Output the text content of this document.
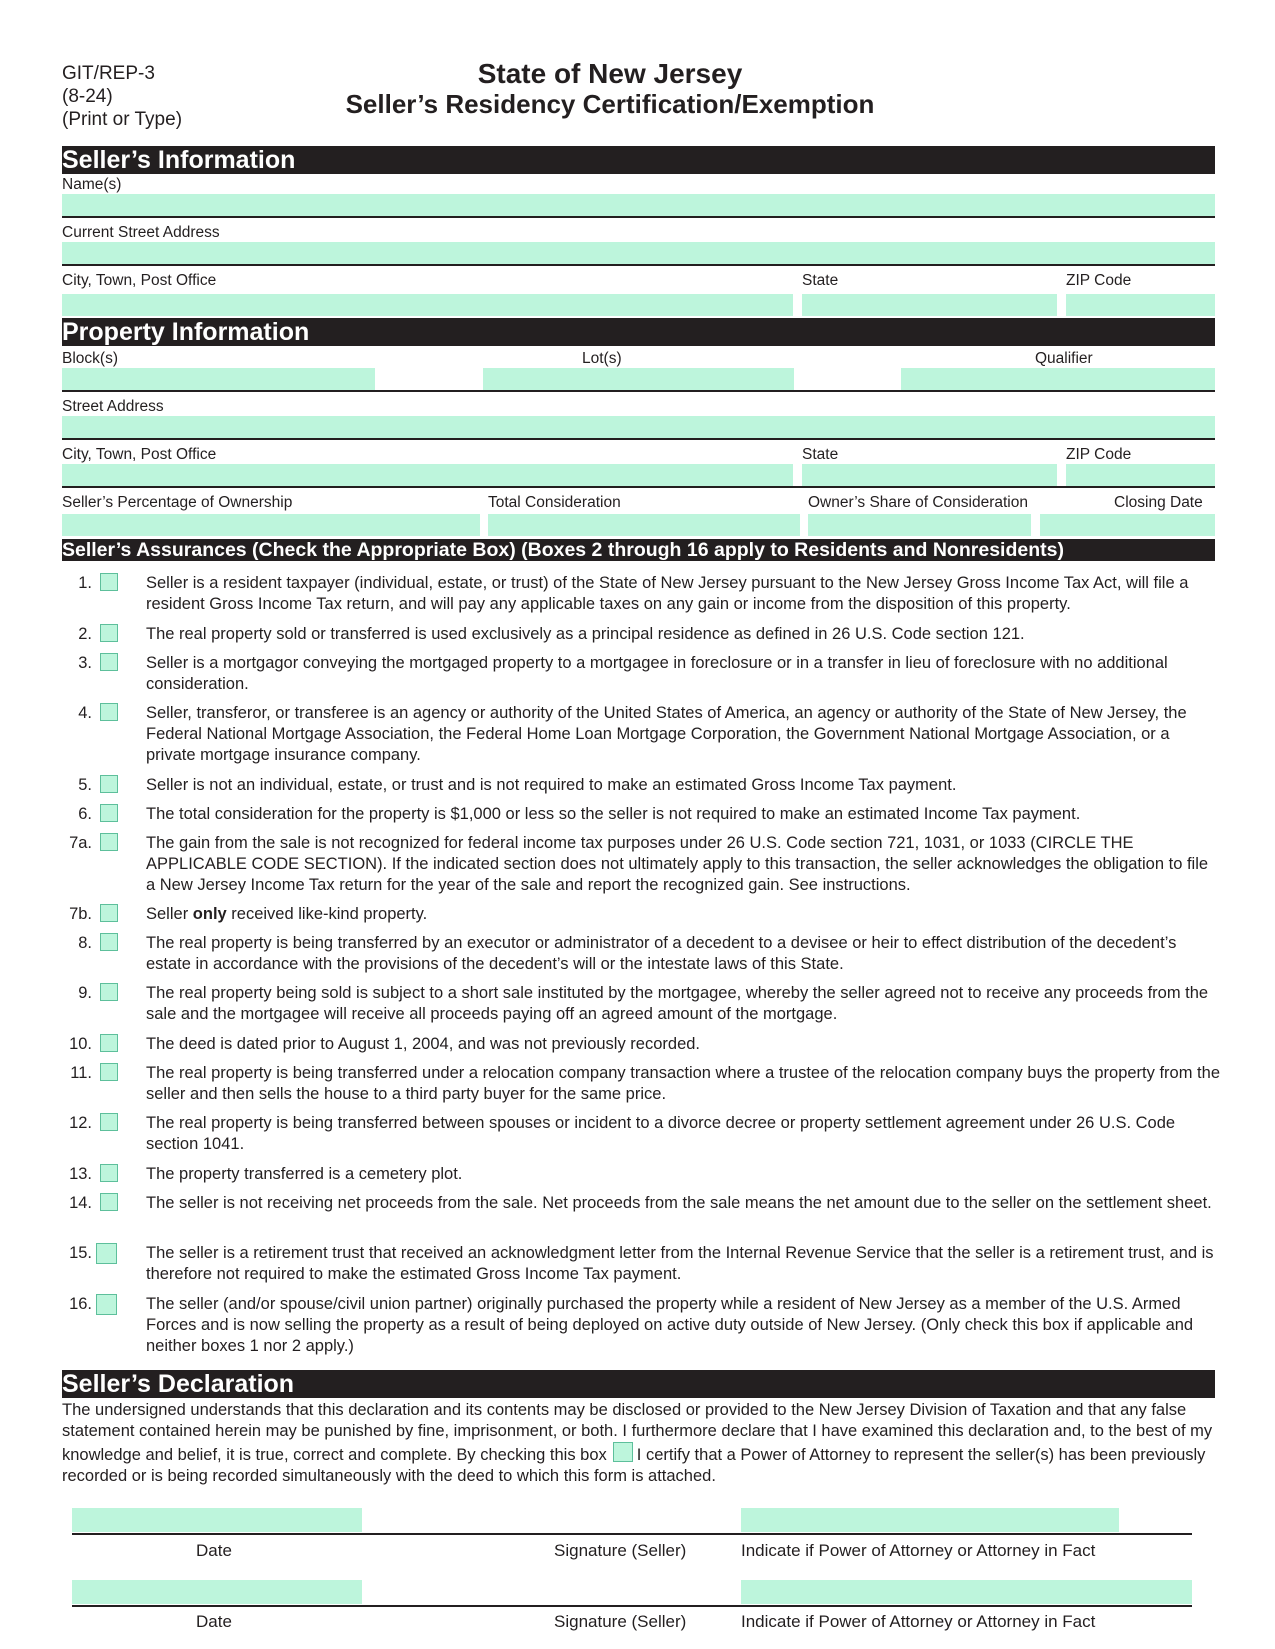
GIT/REP-3
(8-24)
(Print or Type)
State of New Jersey
Seller’s Residency Certification/Exemption
Seller’s Information
Name(s)
Current Street Address
City, Town, Post Office	State	ZIP Code
Property Information
Block(s)	Lot(s)	Qualifier
Street Address
City, Town, Post Office	State	ZIP Code
Seller’s Percentage of Ownership	Total Consideration	Owner’s Share of Consideration	Closing Date
Seller’s Assurances (Check the Appropriate Box) (Boxes 2 through 16 apply to Residents and Nonresidents)
1.	Seller is a resident taxpayer (individual, estate, or trust) of the State of New Jersey pursuant to the New Jersey Gross Income Tax Act, will file a resident Gross Income Tax return, and will pay any applicable taxes on any gain or income from the disposition of this property.
2.	The real property sold or transferred is used exclusively as a principal residence as defined in 26 U.S. Code section 121.
3.	Seller is a mortgagor conveying the mortgaged property to a mortgagee in foreclosure or in a transfer in lieu of foreclosure with no additional consideration.
4.	Seller, transferor, or transferee is an agency or authority of the United States of America, an agency or authority of the State of New Jersey, the Federal National Mortgage Association, the Federal Home Loan Mortgage Corporation, the Government National Mortgage Association, or a private mortgage insurance company.
5.	Seller is not an individual, estate, or trust and is not required to make an estimated Gross Income Tax payment.
6.	The total consideration for the property is $1,000 or less so the seller is not required to make an estimated Income Tax payment.
7a.	The gain from the sale is not recognized for federal income tax purposes under 26 U.S. Code section 721, 1031, or 1033 (CIRCLE THE APPLICABLE CODE SECTION). If the indicated section does not ultimately apply to this transaction, the seller acknowledges the obligation to file a New Jersey Income Tax return for the year of the sale and report the recognized gain. See instructions.
7b.	Seller only received like-kind property.
8.	The real property is being transferred by an executor or administrator of a decedent to a devisee or heir to effect distribution of the decedent’s estate in accordance with the provisions of the decedent’s will or the intestate laws of this State.
9.	The real property being sold is subject to a short sale instituted by the mortgagee, whereby the seller agreed not to receive any proceeds from the sale and the mortgagee will receive all proceeds paying off an agreed amount of the mortgage.
10.	The deed is dated prior to August 1, 2004, and was not previously recorded.
11.	The real property is being transferred under a relocation company transaction where a trustee of the relocation company buys the property from the seller and then sells the house to a third party buyer for the same price.
12.	The real property is being transferred between spouses or incident to a divorce decree or property settlement agreement under 26 U.S. Code section 1041.
13.	The property transferred is a cemetery plot.
14.	The seller is not receiving net proceeds from the sale. Net proceeds from the sale means the net amount due to the seller on the settlement sheet.
15.	The seller is a retirement trust that received an acknowledgment letter from the Internal Revenue Service that the seller is a retirement trust, and is therefore not required to make the estimated Gross Income Tax payment.
16.	The seller (and/or spouse/civil union partner) originally purchased the property while a resident of New Jersey as a member of the U.S. Armed Forces and is now selling the property as a result of being deployed on active duty outside of New Jersey. (Only check this box if applicable and neither boxes 1 nor 2 apply.)
Seller’s Declaration
The undersigned understands that this declaration and its contents may be disclosed or provided to the New Jersey Division of Taxation and that any false statement contained herein may be punished by fine, imprisonment, or both. I furthermore declare that I have examined this declaration and, to the best of my knowledge and belief, it is true, correct and complete. By checking this box I certify that a Power of Attorney to represent the seller(s) has been previously recorded or is being recorded simultaneously with the deed to which this form is attached.
Date	Signature (Seller)	Indicate if Power of Attorney or Attorney in Fact
Date	Signature (Seller)	Indicate if Power of Attorney or Attorney in Fact
